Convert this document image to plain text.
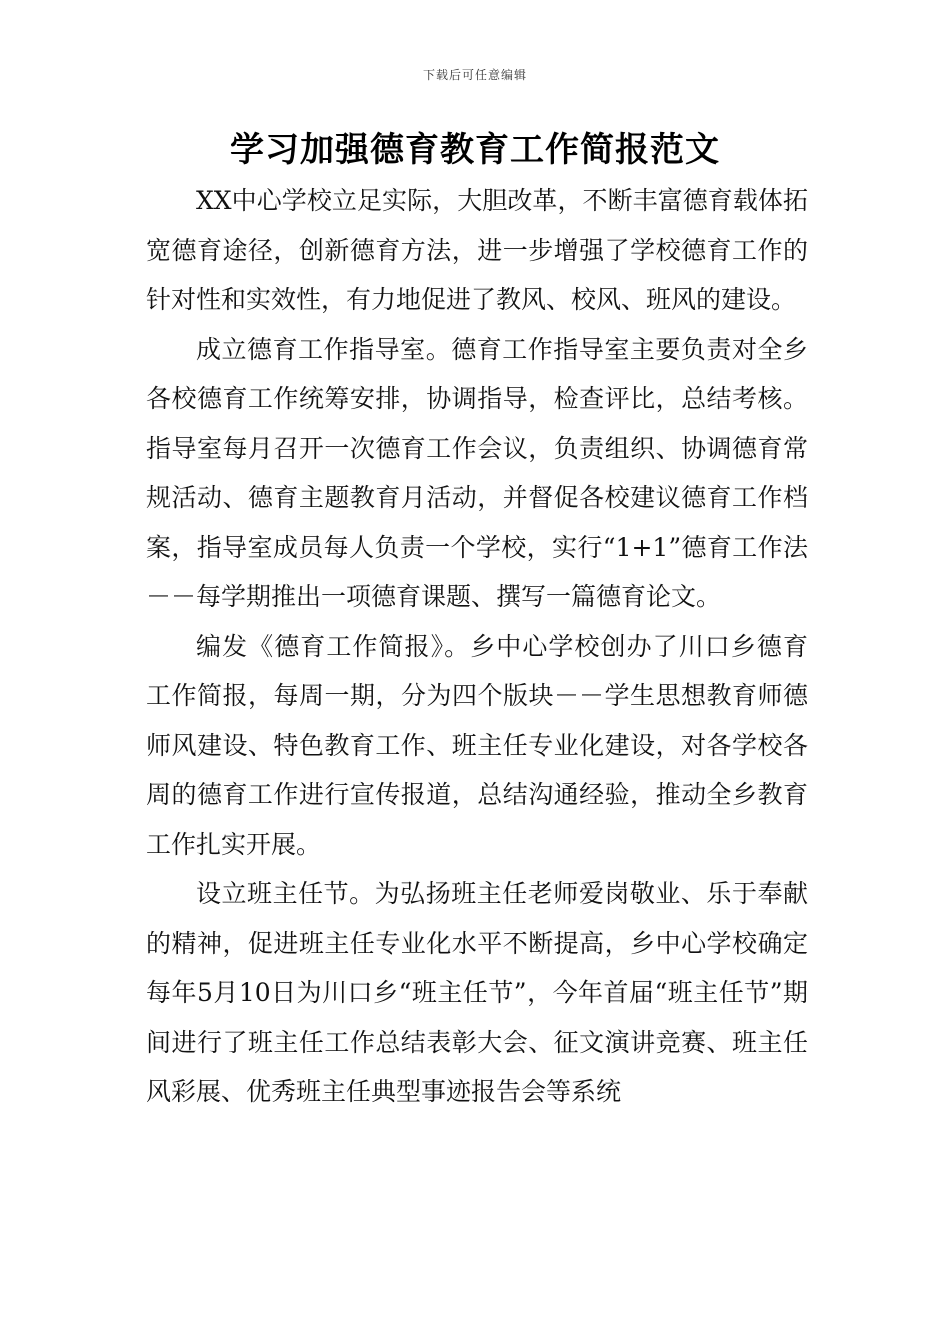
下载后可任意编辑
学习加强德育教育工作简报范文

XX中心学校立足实际，大胆改革，不断丰富德育载体拓宽德育途径，创新德育方法，进一步增强了学校德育工作的针对性和实效性，有力地促进了教风、校风、班风的建设。

成立德育工作指导室。德育工作指导室主要负责对全乡各校德育工作统筹安排，协调指导，检查评比，总结考核。指导室每月召开一次德育工作会议，负责组织、协调德育常规活动、德育主题教育月活动，并督促各校建议德育工作档案，指导室成员每人负责一个学校，实行“1+1”德育工作法－－每学期推出一项德育课题、撰写一篇德育论文。

编发《德育工作简报》。乡中心学校创办了川口乡德育工作简报，每周一期，分为四个版块－－学生思想教育师德师风建设、特色教育工作、班主任专业化建设，对各学校各周的德育工作进行宣传报道，总结沟通经验，推动全乡教育工作扎实开展。

设立班主任节。为弘扬班主任老师爱岗敬业、乐于奉献的精神，促进班主任专业化水平不断提高，乡中心学校确定每年5月10日为川口乡“班主任节”，今年首届“班主任节”期间进行了班主任工作总结表彰大会、征文演讲竞赛、班主任风彩展、优秀班主任典型事迹报告会等系统
